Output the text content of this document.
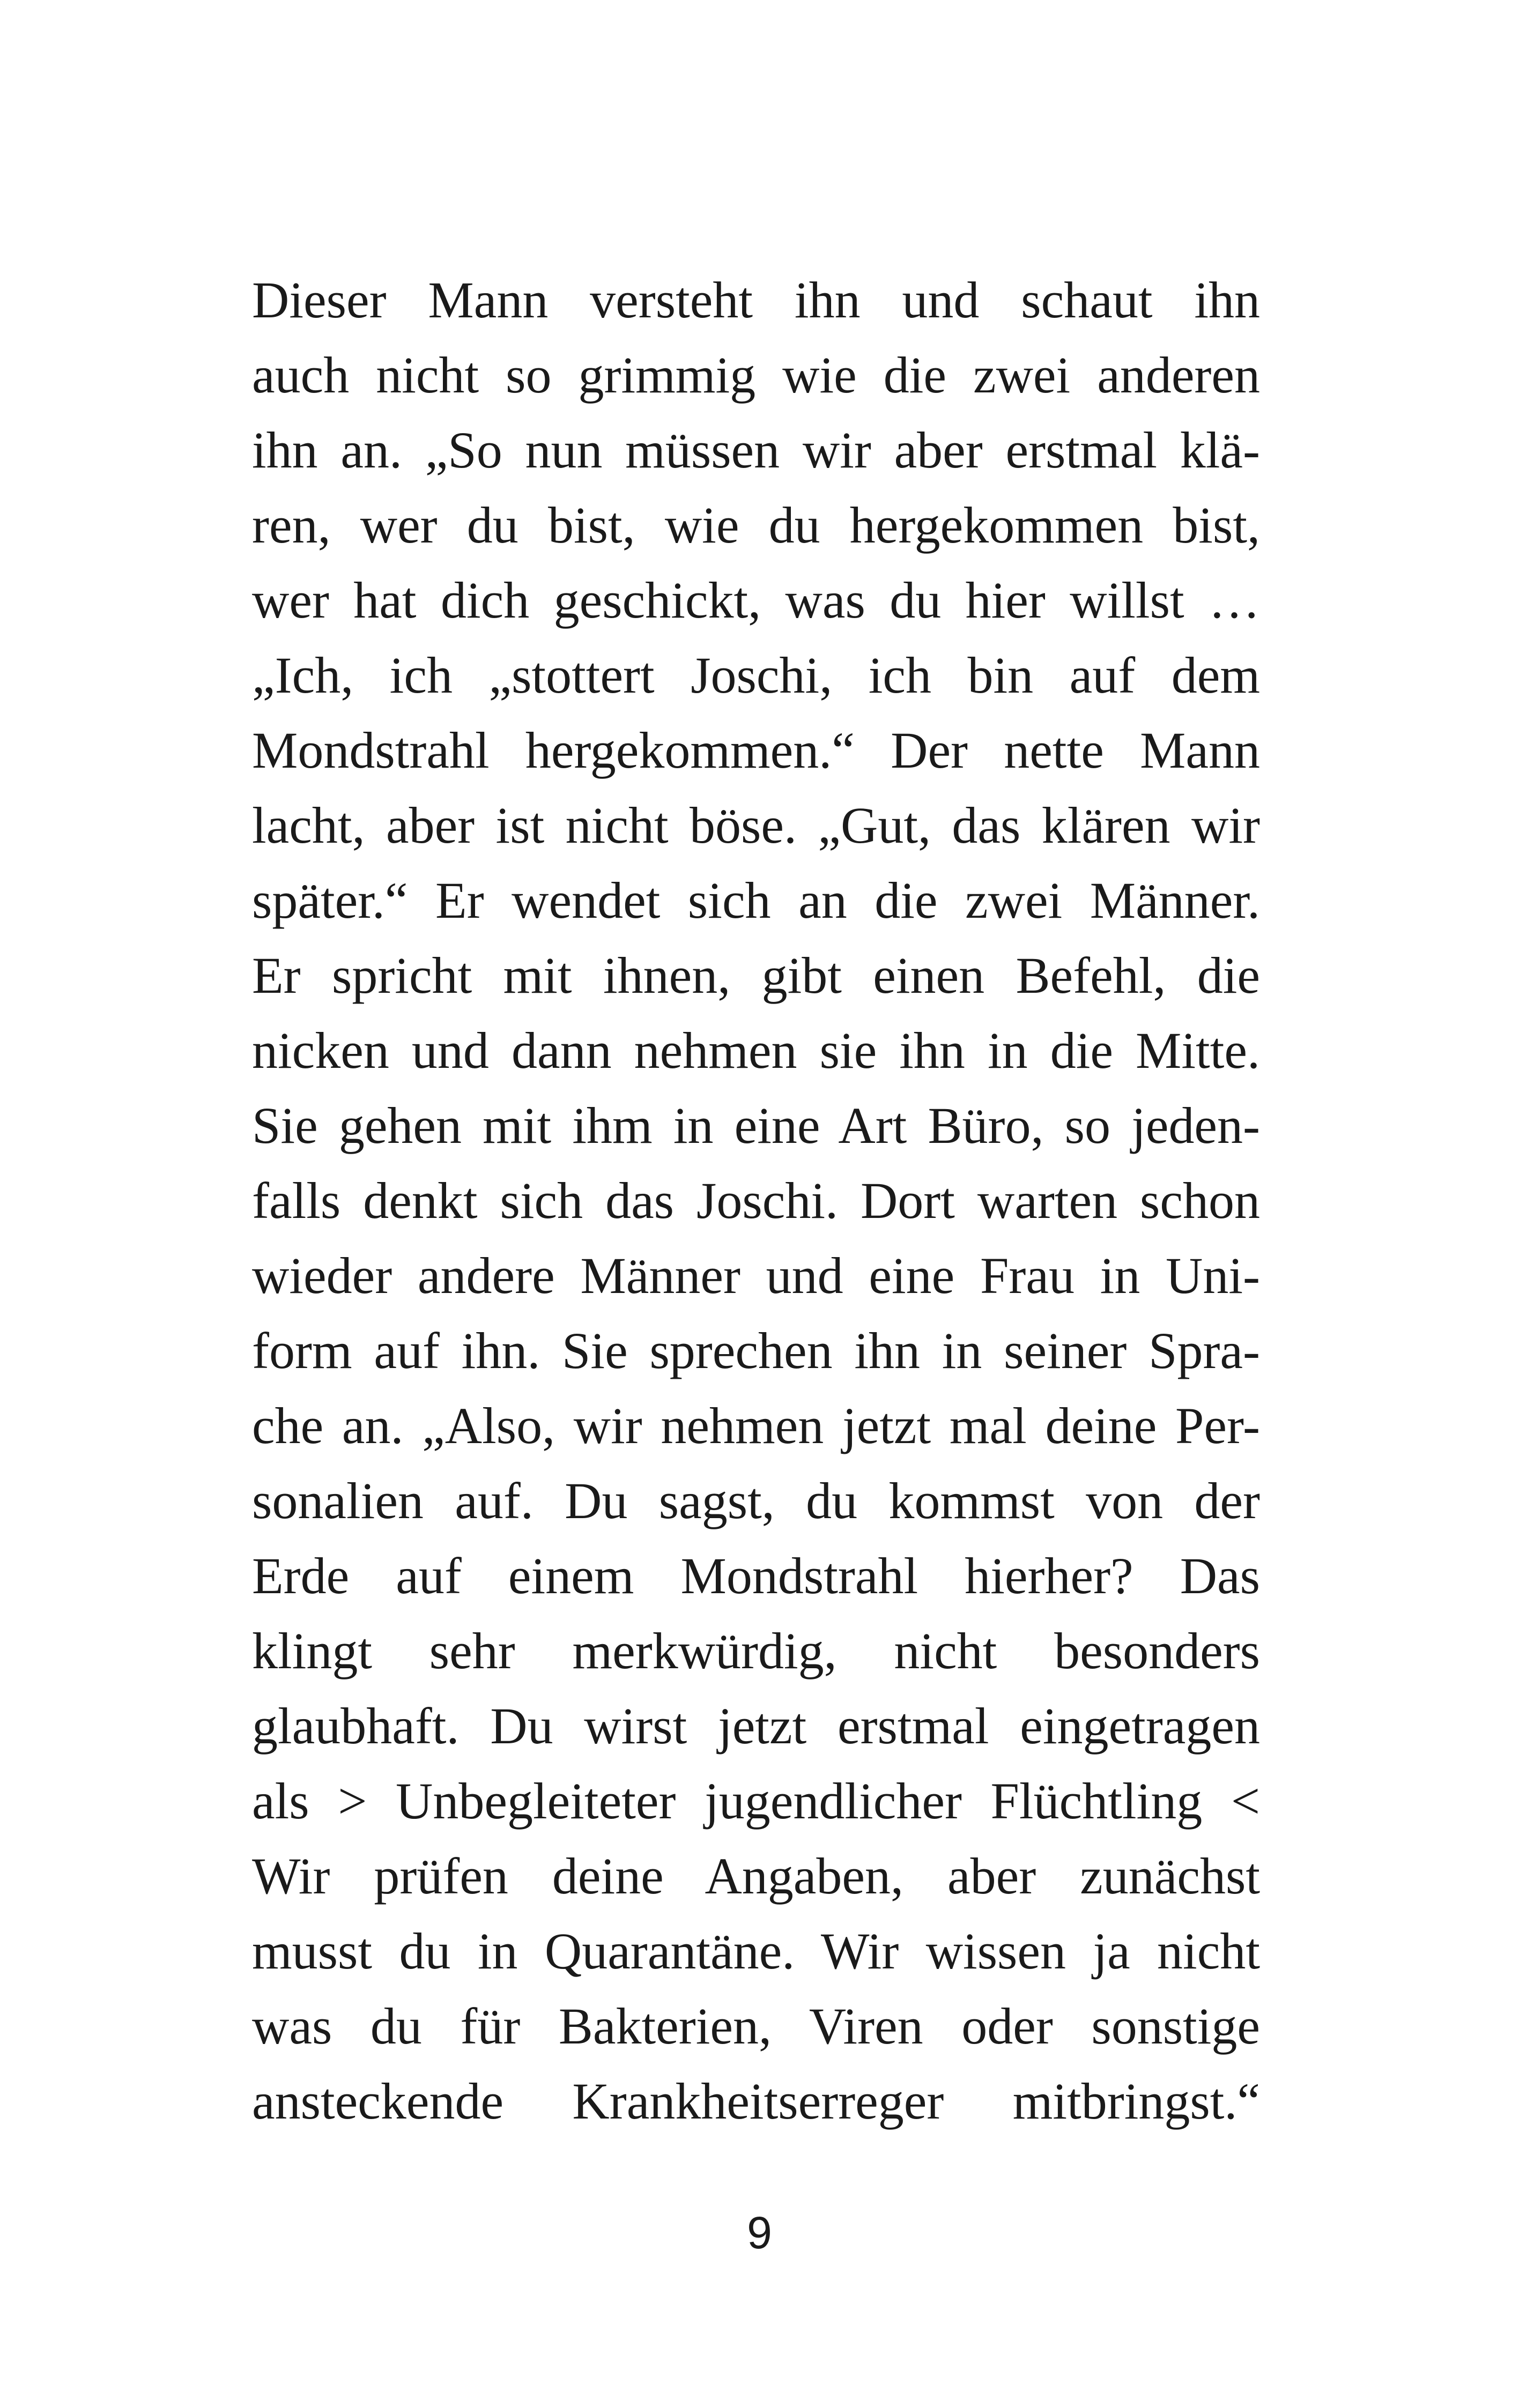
Dieser Mann versteht ihn und schaut ihn
auch nicht so grimmig wie die zwei anderen
ihn an. „So nun müssen wir aber erstmal klä-
ren, wer du bist, wie du hergekommen bist,
wer hat dich geschickt, was du hier willst …
„Ich, ich „stottert Joschi, ich bin auf dem
Mondstrahl hergekommen.“ Der nette Mann
lacht, aber ist nicht böse. „Gut, das klären wir
später.“ Er wendet sich an die zwei Männer.
Er spricht mit ihnen, gibt einen Befehl, die
nicken und dann nehmen sie ihn in die Mitte.
Sie gehen mit ihm in eine Art Büro, so jeden-
falls denkt sich das Joschi. Dort warten schon
wieder andere Männer und eine Frau in Uni-
form auf ihn. Sie sprechen ihn in seiner Spra-
che an. „Also, wir nehmen jetzt mal deine Per-
sonalien auf. Du sagst, du kommst von der
Erde auf einem Mondstrahl hierher? Das
klingt sehr merkwürdig, nicht besonders
glaubhaft. Du wirst jetzt erstmal eingetragen
als > Unbegleiteter jugendlicher Flüchtling <
Wir prüfen deine Angaben, aber zunächst
musst du in Quarantäne. Wir wissen ja nicht
was du für Bakterien, Viren oder sonstige
ansteckende Krankheitserreger mitbringst.“
9
